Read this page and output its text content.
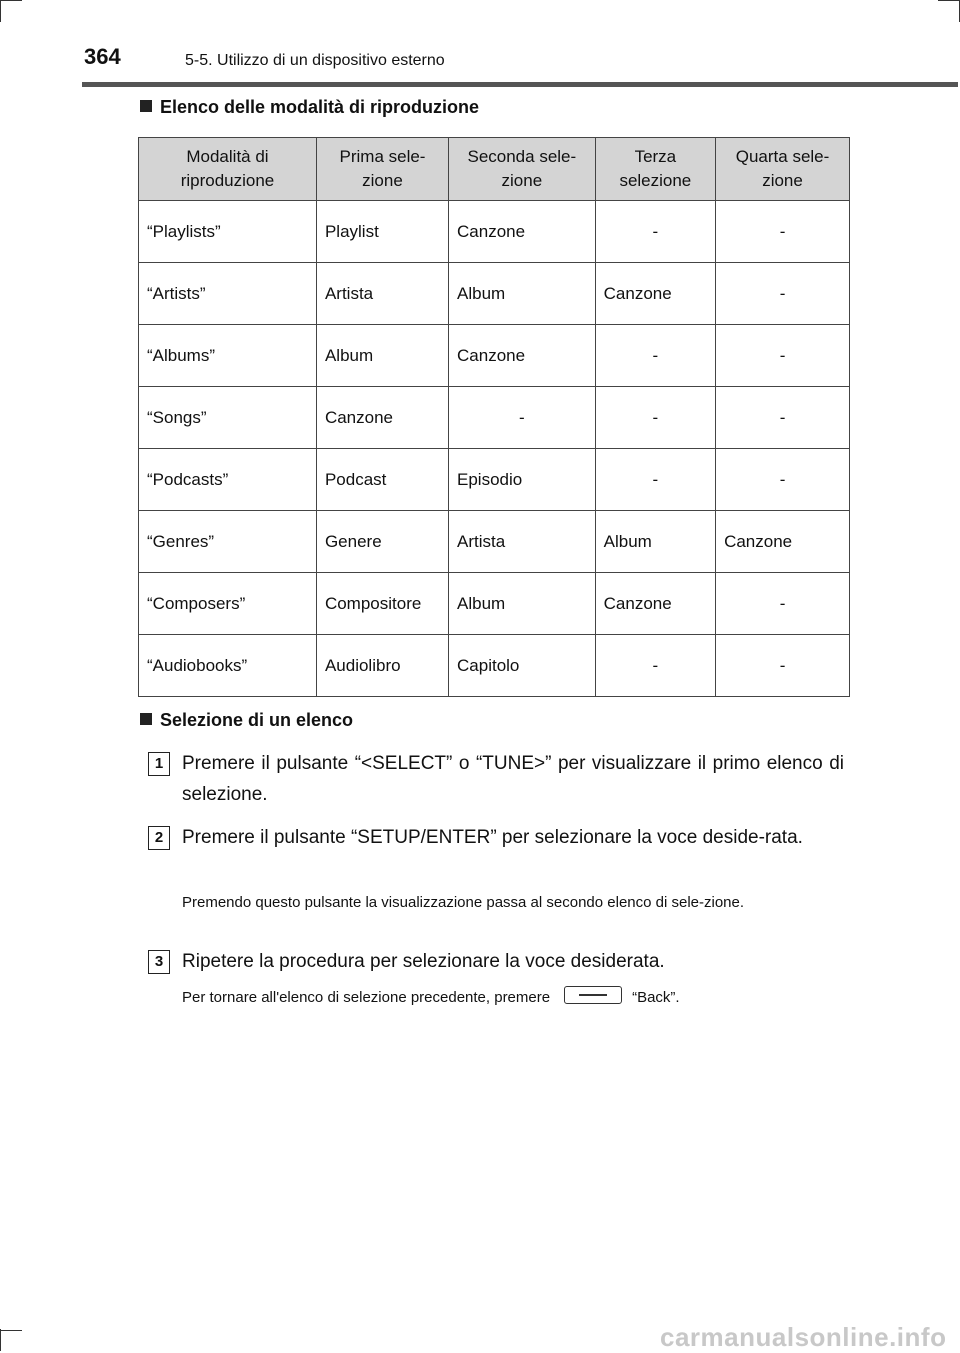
364	5-5. Utilizzo di un dispositivo esterno
Elenco delle modalità di riproduzione
Modalità di riproduzione	Prima sele-zione	Seconda sele-zione	Terza selezione	Quarta sele-zione
“Playlists”	Playlist	Canzone	-	-
“Artists”	Artista	Album	Canzone	-
“Albums”	Album	Canzone	-	-
“Songs”	Canzone	-	-	-
“Podcasts”	Podcast	Episodio	-	-
“Genres”	Genere	Artista	Album	Canzone
“Composers”	Compositore	Album	Canzone	-
“Audiobooks”	Audiolibro	Capitolo	-	-
Selezione di un elenco
1 Premere il pulsante “<SELECT” o “TUNE>” per visualizzare il primo elenco di selezione.
2 Premere il pulsante “SETUP/ENTER” per selezionare la voce deside-rata.
Premendo questo pulsante la visualizzazione passa al secondo elenco di sele-zione.
3 Ripetere la procedura per selezionare la voce desiderata.
Per tornare all'elenco di selezione precedente, premere	“Back”.
carmanualsonline.info
